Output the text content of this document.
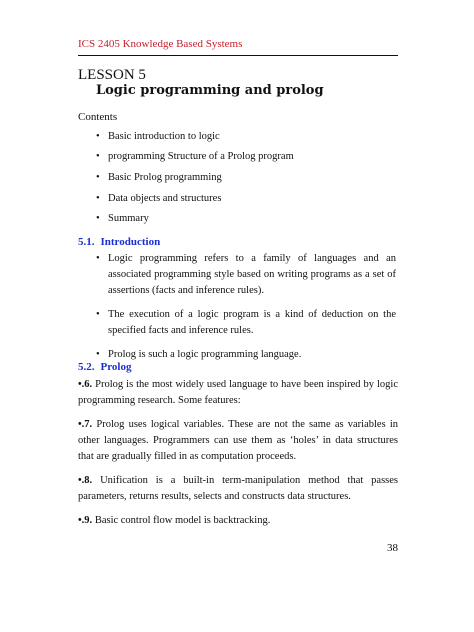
ICS 2405 Knowledge Based Systems
LESSON 5
Logic programming and prolog
Contents
• Basic introduction to logic
• programming Structure of a Prolog program
• Basic Prolog programming
• Data objects and structures
• Summary
5.1. Introduction
• Logic programming refers to a family of languages and an associated programming style based on writing programs as a set of assertions (facts and inference rules).
• The execution of a logic program is a kind of deduction on the specified facts and inference rules.
• Prolog is such a logic programming language.
5.2. Prolog
•.6. Prolog is the most widely used language to have been inspired by logic programming research. Some features:
•.7. Prolog uses logical variables. These are not the same as variables in other languages. Programmers can use them as ‘holes’ in data structures that are gradually filled in as computation proceeds.
•.8. Unification is a built-in term-manipulation method that passes parameters, returns results, selects and constructs data structures.
•.9. Basic control flow model is backtracking.
38
